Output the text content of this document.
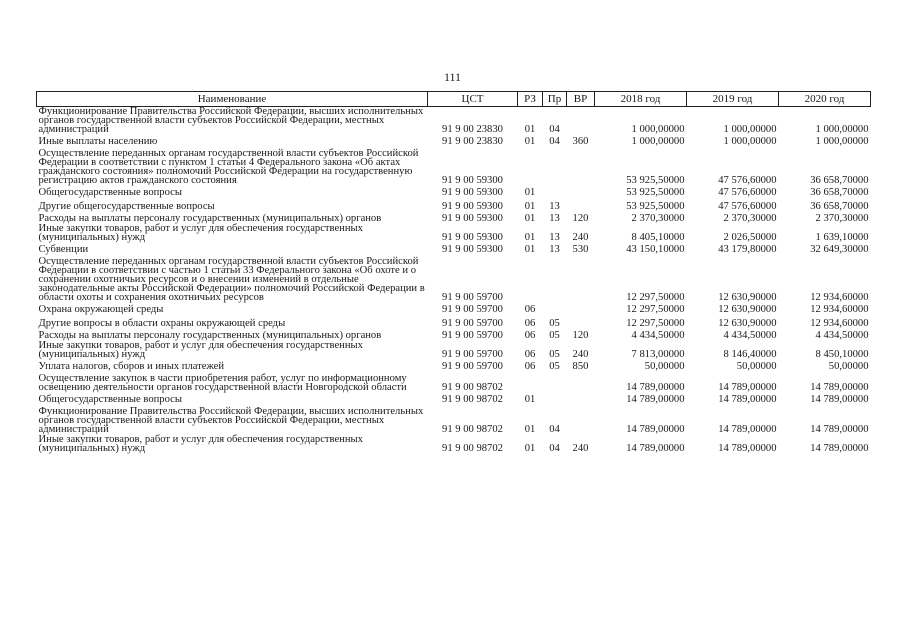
111
Наименование	ЦСТ	РЗ	Пр	ВР	2018 год	2019 год	2020 год
Функционирование Правительства Российской Федерации, высших исполнительных органов государственной власти субъектов Российской Федерации, местных администраций	91 9 00 23830	01	04		1 000,00000	1 000,00000	1 000,00000
Иные выплаты населению	91 9 00 23830	01	04	360	1 000,00000	1 000,00000	1 000,00000
Осуществление переданных органам государственной власти субъектов Российской Федерации в соответствии с пунктом 1 статьи 4 Федерального закона «Об актах гражданского состояния» полномочий Российской Федерации на государственную регистрацию актов гражданского состояния	91 9 00 59300				53 925,50000	47 576,60000	36 658,70000
Общегосударственные вопросы	91 9 00 59300	01			53 925,50000	47 576,60000	36 658,70000
Другие общегосударственные вопросы	91 9 00 59300	01	13		53 925,50000	47 576,60000	36 658,70000
Расходы на выплаты персоналу государственных (муниципальных) органов	91 9 00 59300	01	13	120	2 370,30000	2 370,30000	2 370,30000
Иные закупки товаров, работ и услуг для обеспечения государственных (муниципальных) нужд	91 9 00 59300	01	13	240	8 405,10000	2 026,50000	1 639,10000
Субвенции	91 9 00 59300	01	13	530	43 150,10000	43 179,80000	32 649,30000
Осуществление переданных органам государственной власти субъектов Российской Федерации в соответствии с частью 1 статьи 33 Федерального закона «Об охоте и о сохранении охотничьих ресурсов и о внесении изменений в отдельные законодательные акты Российской Федерации» полномочий Российской Федерации в области охоты и сохранения охотничьих ресурсов	91 9 00 59700				12 297,50000	12 630,90000	12 934,60000
Охрана окружающей среды	91 9 00 59700	06			12 297,50000	12 630,90000	12 934,60000
Другие вопросы в области охраны окружающей среды	91 9 00 59700	06	05		12 297,50000	12 630,90000	12 934,60000
Расходы на выплаты персоналу государственных (муниципальных) органов	91 9 00 59700	06	05	120	4 434,50000	4 434,50000	4 434,50000
Иные закупки товаров, работ и услуг для обеспечения государственных (муниципальных) нужд	91 9 00 59700	06	05	240	7 813,00000	8 146,40000	8 450,10000
Уплата налогов, сборов и иных платежей	91 9 00 59700	06	05	850	50,00000	50,00000	50,00000
Осуществление закупок в части приобретения работ, услуг по информационному освещению деятельности органов государственной власти Новгородской области	91 9 00 98702				14 789,00000	14 789,00000	14 789,00000
Общегосударственные вопросы	91 9 00 98702	01			14 789,00000	14 789,00000	14 789,00000
Функционирование Правительства Российской Федерации, высших исполнительных органов государственной власти субъектов Российской Федерации, местных администраций	91 9 00 98702	01	04		14 789,00000	14 789,00000	14 789,00000
Иные закупки товаров, работ и услуг для обеспечения государственных (муниципальных) нужд	91 9 00 98702	01	04	240	14 789,00000	14 789,00000	14 789,00000
